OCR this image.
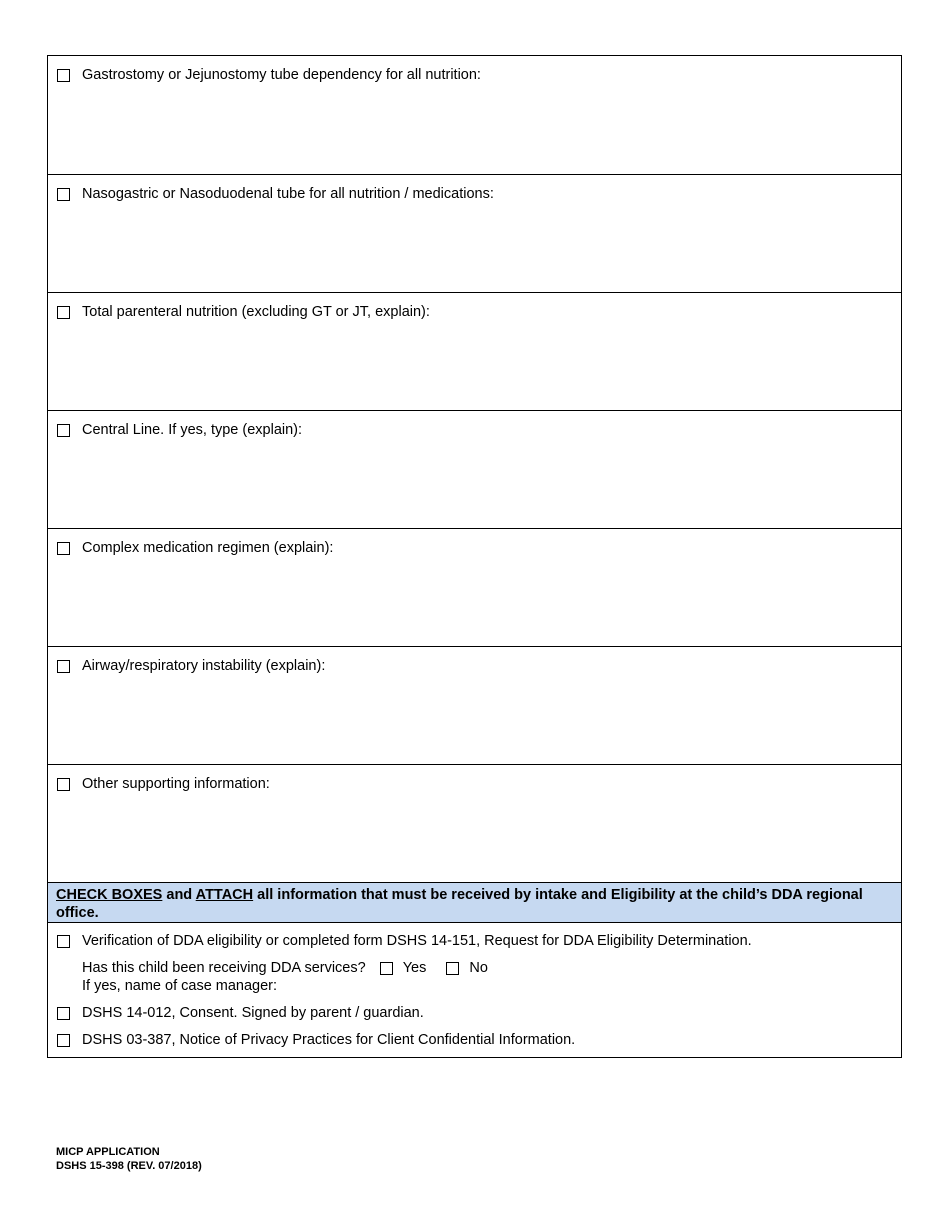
Gastrostomy or Jejunostomy tube dependency for all nutrition:
Nasogastric or Nasoduodenal tube for all nutrition / medications:
Total parenteral nutrition (excluding GT or JT, explain):
Central Line. If yes, type (explain):
Complex medication regimen (explain):
Airway/respiratory instability (explain):
Other supporting information:
CHECK BOXES and ATTACH all information that must be received by intake and Eligibility at the child’s DDA regional office.
Verification of DDA eligibility or completed form DSHS 14-151, Request for DDA Eligibility Determination.
Has this child been receiving DDA services?	Yes	No
If yes, name of case manager:
DSHS 14-012, Consent. Signed by parent / guardian.
DSHS 03-387, Notice of Privacy Practices for Client Confidential Information.
MICP APPLICATION
DSHS 15-398 (REV. 07/2018)
